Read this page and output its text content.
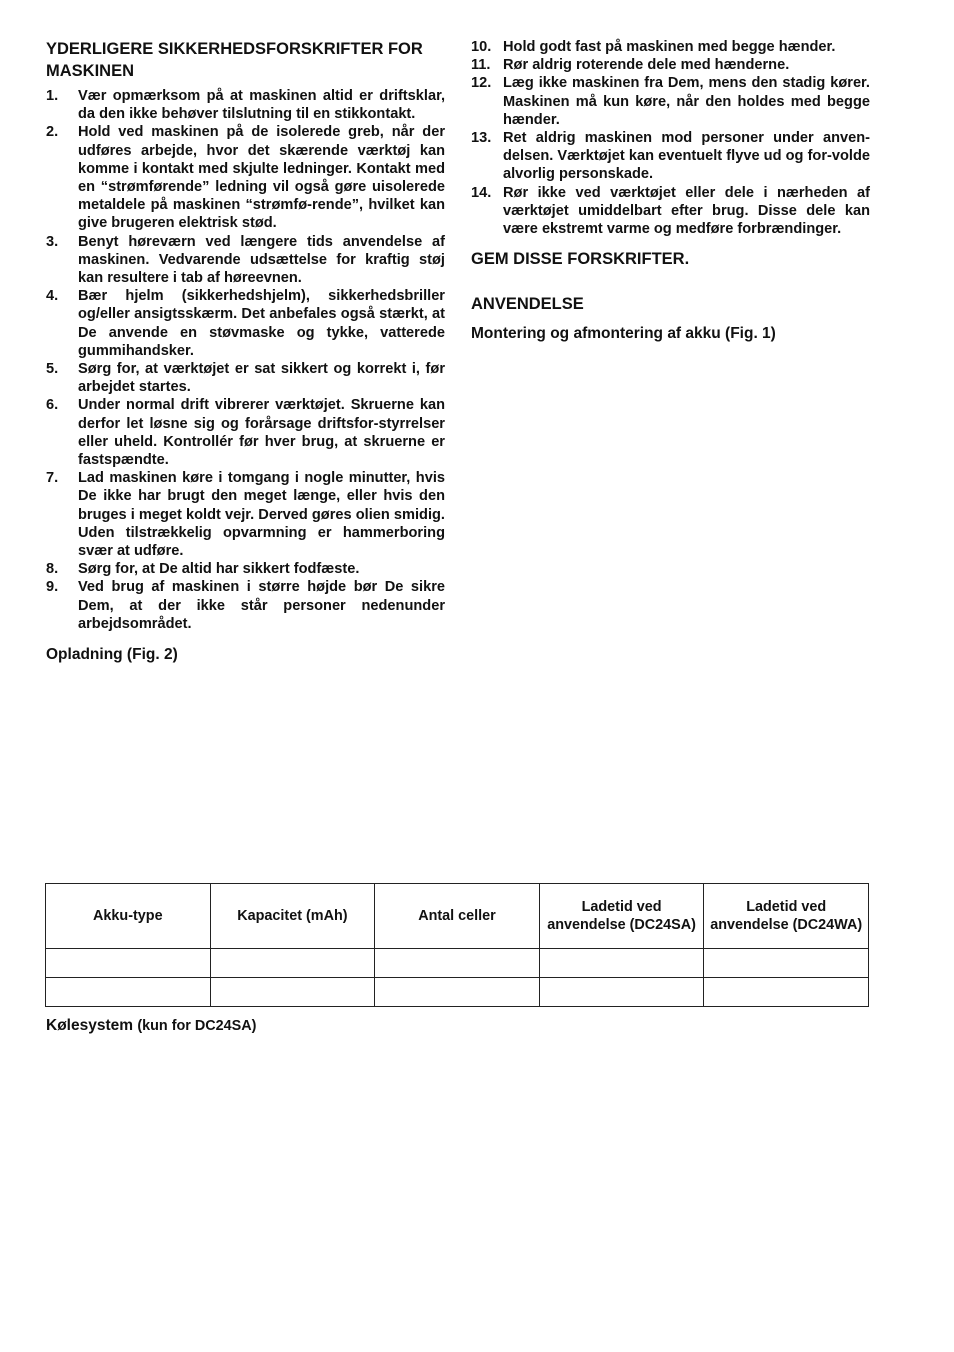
YDERLIGERE SIKKERHEDSFORSKRIFTER FOR MASKINEN
1. Vær opmærksom på at maskinen altid er driftsklar, da den ikke behøver tilslutning til en stikkontakt.
2. Hold ved maskinen på de isolerede greb, når der udføres arbejde, hvor det skærende værktøj kan komme i kontakt med skjulte ledninger. Kontakt med en “strømførende” ledning vil også gøre uisolerede metaldele på maskinen “strømfø-rende”, hvilket kan give brugeren elektrisk stød.
3. Benyt høreværn ved længere tids anvendelse af maskinen. Vedvarende udsættelse for kraftig støj kan resultere i tab af høreevnen.
4. Bær hjelm (sikkerhedshjelm), sikkerhedsbriller og/eller ansigtsskærm. Det anbefales også stærkt, at De anvende en støvmaske og tykke, vatterede gummihandsker.
5. Sørg for, at værktøjet er sat sikkert og korrekt i, før arbejdet startes.
6. Under normal drift vibrerer værktøjet. Skruerne kan derfor let løsne sig og forårsage driftsfor-styrrelser eller uheld. Kontrollér før hver brug, at skruerne er fastspændte.
7. Lad maskinen køre i tomgang i nogle minutter, hvis De ikke har brugt den meget længe, eller hvis den bruges i meget koldt vejr. Derved gøres olien smidig. Uden tilstrækkelig opvarmning er hammerboring svær at udføre.
8. Sørg for, at De altid har sikkert fodfæste.
9. Ved brug af maskinen i større højde bør De sikre Dem, at der ikke står personer nedenunder arbejdsområdet.
Opladning (Fig. 2)
10. Hold godt fast på maskinen med begge hænder.
11. Rør aldrig roterende dele med hænderne.
12. Læg ikke maskinen fra Dem, mens den stadig kører. Maskinen må kun køre, når den holdes med begge hænder.
13. Ret aldrig maskinen mod personer under anven-delsen. Værktøjet kan eventuelt flyve ud og for-volde alvorlig personskade.
14. Rør ikke ved værktøjet eller dele i nærheden af værktøjet umiddelbart efter brug. Disse dele kan være ekstremt varme og medføre forbrændinger.
GEM DISSE FORSKRIFTER.
ANVENDELSE
Montering og afmontering af akku (Fig. 1)
Akku-type	Kapacitet (mAh)	Antal celler	Ladetid ved anvendelse (DC24SA)	Ladetid ved anvendelse (DC24WA)

Kølesystem (kun for DC24SA)
